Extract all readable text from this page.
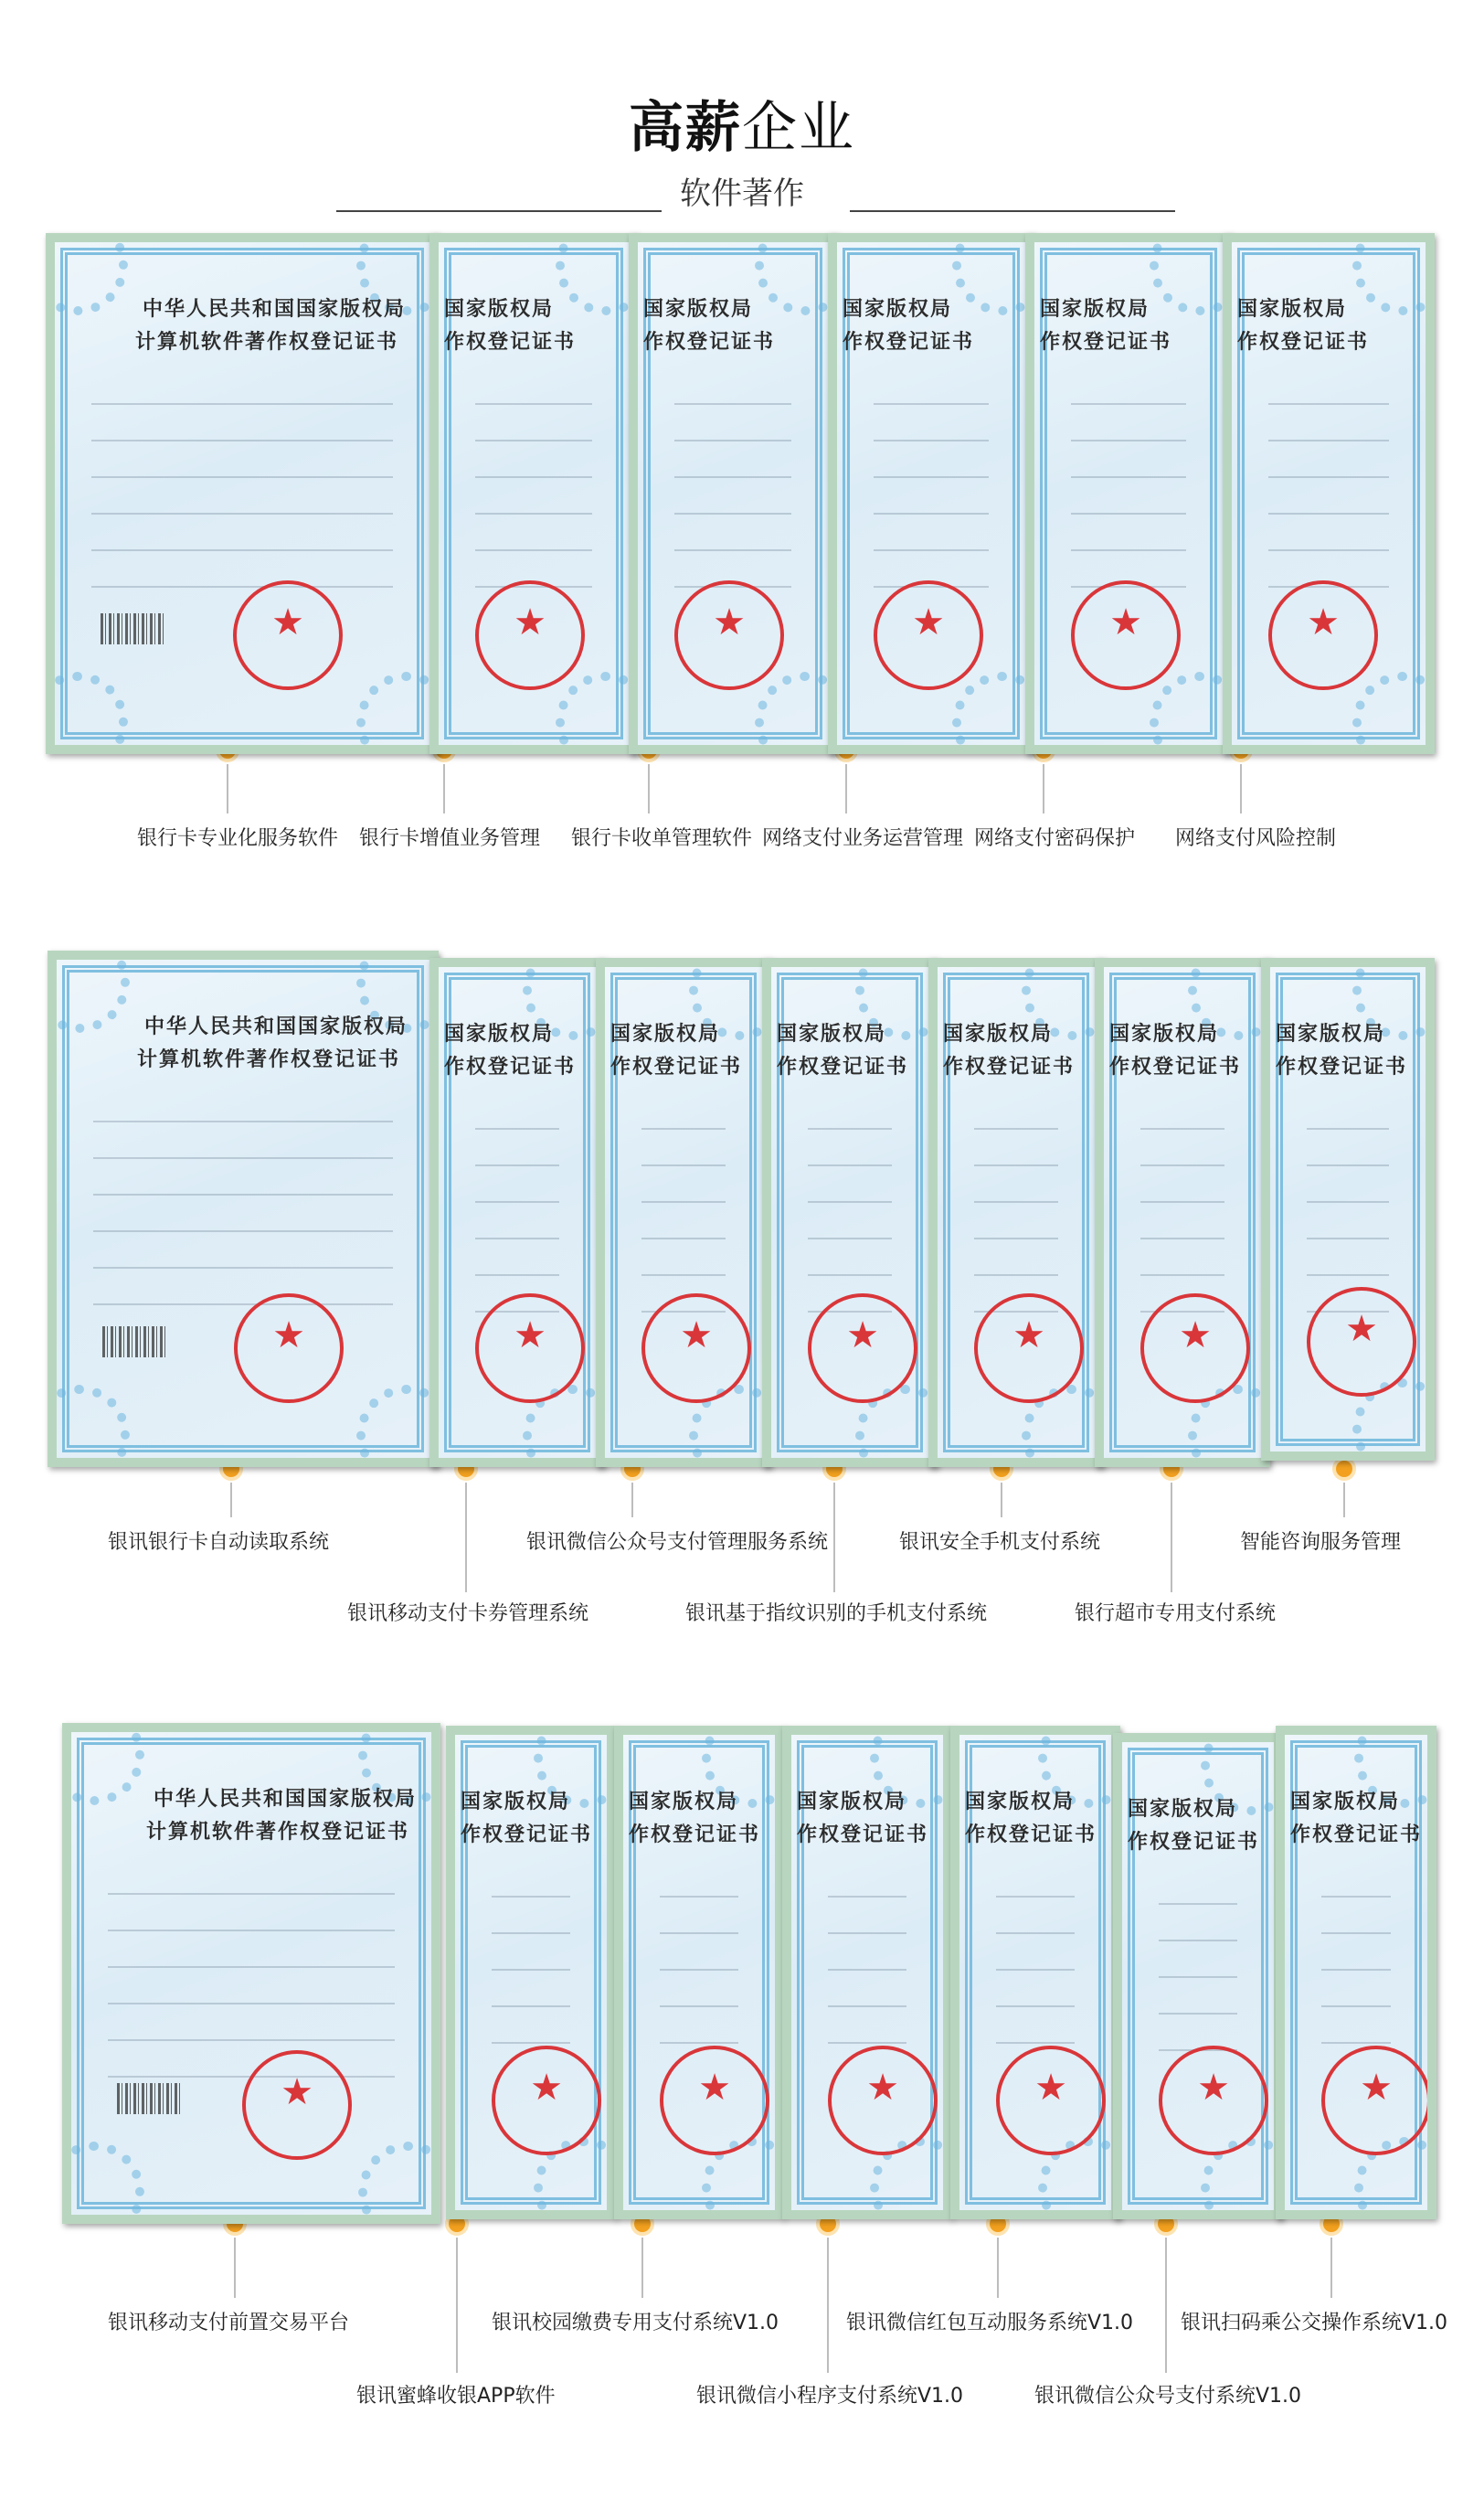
高薪企业
软件著作
中华人民共和国国家版权局
计算机软件著作权登记证书
★
国家版权局
作权登记证书
★
国家版权局
作权登记证书
★
国家版权局
作权登记证书
★
国家版权局
作权登记证书
★
国家版权局
作权登记证书
★
银行卡专业化服务软件 银行卡增值业务管理 银行卡收单管理软件 网络支付业务运营管理 网络支付密码保护 网络支付风险控制
中华人民共和国国家版权局
计算机软件著作权登记证书
★
国家版权局
作权登记证书
★
国家版权局
作权登记证书
★
国家版权局
作权登记证书
★
国家版权局
作权登记证书
★
国家版权局
作权登记证书
★
国家版权局
作权登记证书
★
银讯银行卡自动读取系统	银讯微信公众号支付管理服务系统	银讯安全手机支付系统	智能咨询服务管理
银讯移动支付卡券管理系统	银讯基于指纹识别的手机支付系统	银行超市专用支付系统
中华人民共和国国家版权局
计算机软件著作权登记证书
★
国家版权局
作权登记证书
★
国家版权局
作权登记证书
★
国家版权局
作权登记证书
★
国家版权局
作权登记证书
★
国家版权局
作权登记证书
★
国家版权局
作权登记证书
★
银讯移动支付前置交易平台	银讯校园缴费专用支付系统V1.0	银讯微信红包互动服务系统V1.0 银讯扫码乘公交操作系统V1.0
银讯蜜蜂收银APP软件	银讯微信小程序支付系统V1.0	银讯微信公众号支付系统V1.0
